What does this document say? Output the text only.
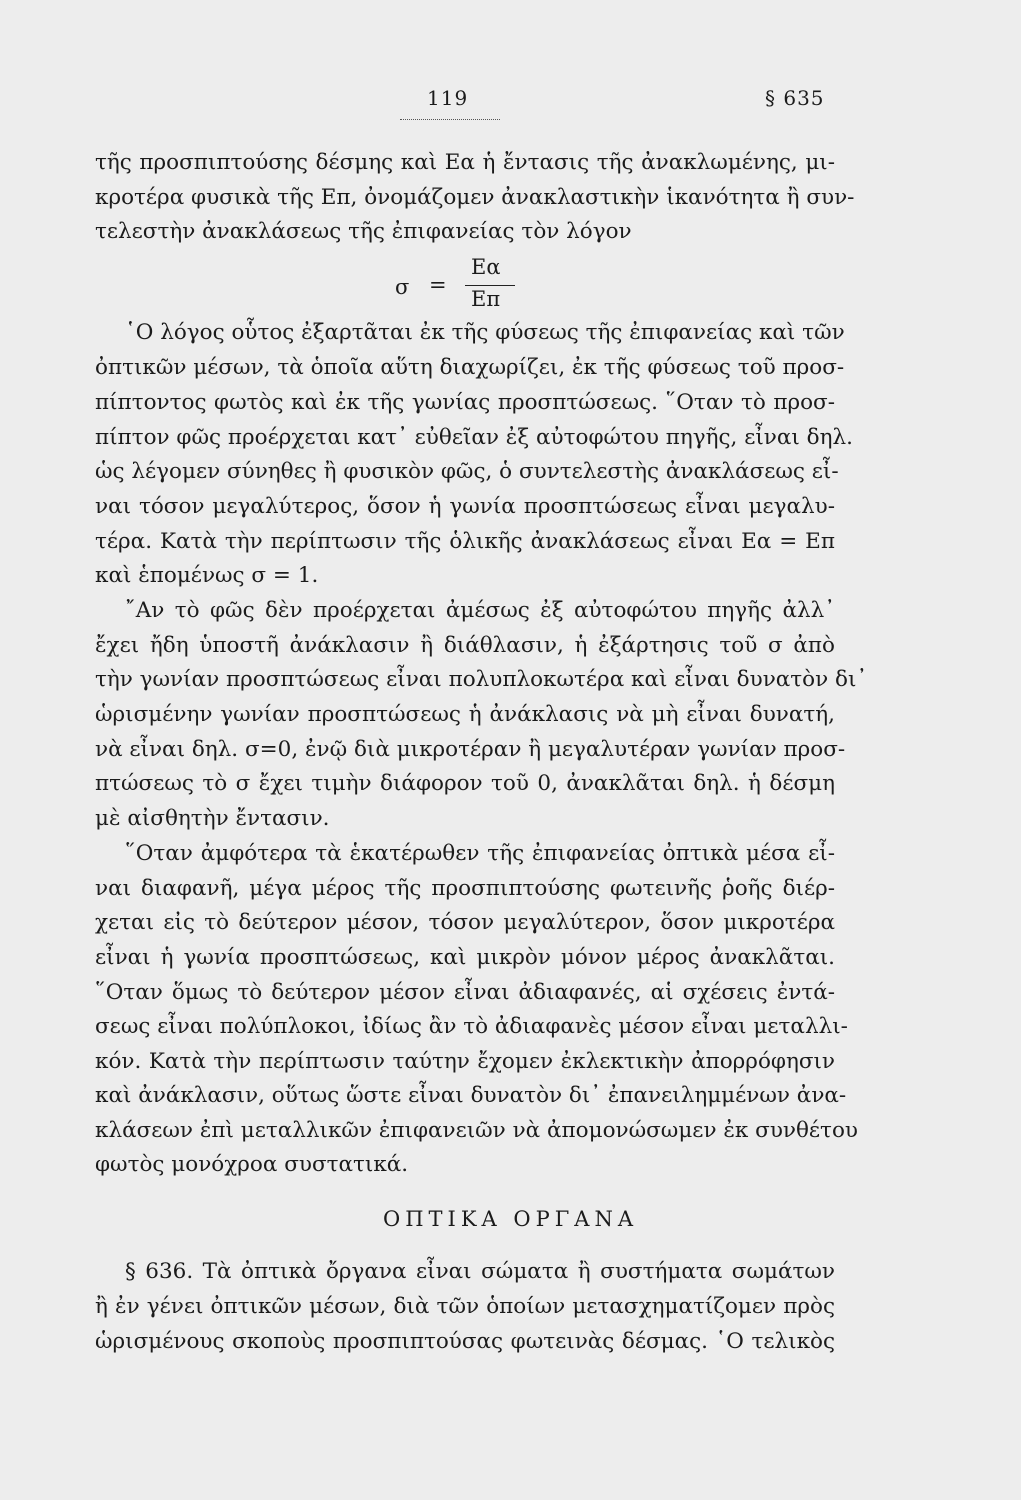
119	§ 635
τῆς προσπιπτούσης δέσμης καὶ Eα ἡ ἔντασις τῆς ἀνακλωμένης, μι-
κροτέρα φυσικὰ τῆς Eπ, ὀνομάζομεν ἀνακλαστικὴν ἱκανότητα ἢ συν-
τελεστὴν ἀνακλάσεως τῆς ἐπιφανείας τὸν λόγον
σ =
Eα
Eπ
῾Ο λόγος οὗτος ἐξαρτᾶται ἐκ τῆς φύσεως τῆς ἐπιφανείας καὶ τῶν
ὀπτικῶν μέσων, τὰ ὁποῖα αὕτη διαχωρίζει, ἐκ τῆς φύσεως τοῦ προσ-
πίπτοντος φωτὸς καὶ ἐκ τῆς γωνίας προσπτώσεως. ῞Οταν τὸ προσ-
πίπτον φῶς προέρχεται κατ᾽ εὐθεῖαν ἐξ αὐτοφώτου πηγῆς, εἶναι δηλ.
ὡς λέγομεν σύνηθες ἢ φυσικὸν φῶς, ὁ συντελεστὴς ἀνακλάσεως εἶ-
ναι τόσον μεγαλύτερος, ὅσον ἡ γωνία προσπτώσεως εἶναι μεγαλυ-
τέρα. Κατὰ τὴν περίπτωσιν τῆς ὁλικῆς ἀνακλάσεως εἶναι Eα = Eπ
καὶ ἑπομένως σ = 1.
῎Αν τὸ φῶς δὲν προέρχεται ἀμέσως ἐξ αὐτοφώτου πηγῆς ἀλλ᾽
ἔχει ἤδη ὑποστῆ ἀνάκλασιν ἢ διάθλασιν, ἡ ἐξάρτησις τοῦ σ ἀπὸ
τὴν γωνίαν προσπτώσεως εἶναι πολυπλοκωτέρα καὶ εἶναι δυνατὸν δι᾽
ὡρισμένην γωνίαν προσπτώσεως ἡ ἀνάκλασις νὰ μὴ εἶναι δυνατή,
νὰ εἶναι δηλ. σ=0, ἐνῷ διὰ μικροτέραν ἢ μεγαλυτέραν γωνίαν προσ-
πτώσεως τὸ σ ἔχει τιμὴν διάφορον τοῦ 0, ἀνακλᾶται δηλ. ἡ δέσμη
μὲ αἰσθητὴν ἔντασιν.
῞Οταν ἀμφότερα τὰ ἑκατέρωθεν τῆς ἐπιφανείας ὀπτικὰ μέσα εἶ-
ναι διαφανῆ, μέγα μέρος τῆς προσπιπτούσης φωτεινῆς ῥοῆς διέρ-
χεται εἰς τὸ δεύτερον μέσον, τόσον μεγαλύτερον, ὅσον μικροτέρα
εἶναι ἡ γωνία προσπτώσεως, καὶ μικρὸν μόνον μέρος ἀνακλᾶται.
῞Οταν ὅμως τὸ δεύτερον μέσον εἶναι ἀδιαφανές, αἱ σχέσεις ἐντά-
σεως εἶναι πολύπλοκοι, ἰδίως ἂν τὸ ἀδιαφανὲς μέσον εἶναι μεταλλι-
κόν. Κατὰ τὴν περίπτωσιν ταύτην ἔχομεν ἐκλεκτικὴν ἀπορρόφησιν
καὶ ἀνάκλασιν, οὕτως ὥστε εἶναι δυνατὸν δι᾽ ἐπανειλημμένων ἀνα-
κλάσεων ἐπὶ μεταλλικῶν ἐπιφανειῶν νὰ ἀπομονώσωμεν ἐκ συνθέτου
φωτὸς μονόχροα συστατικά.
ΟΠΤΙΚΑ ΟΡΓΑΝΑ
§ 636. Τὰ ὀπτικὰ ὄργανα εἶναι σώματα ἢ συστήματα σωμάτων
ἢ ἐν γένει ὀπτικῶν μέσων, διὰ τῶν ὁποίων μετασχηματίζομεν πρὸς
ὡρισμένους σκοποὺς προσπιπτούσας φωτεινὰς δέσμας. ῾Ο τελικὸς
